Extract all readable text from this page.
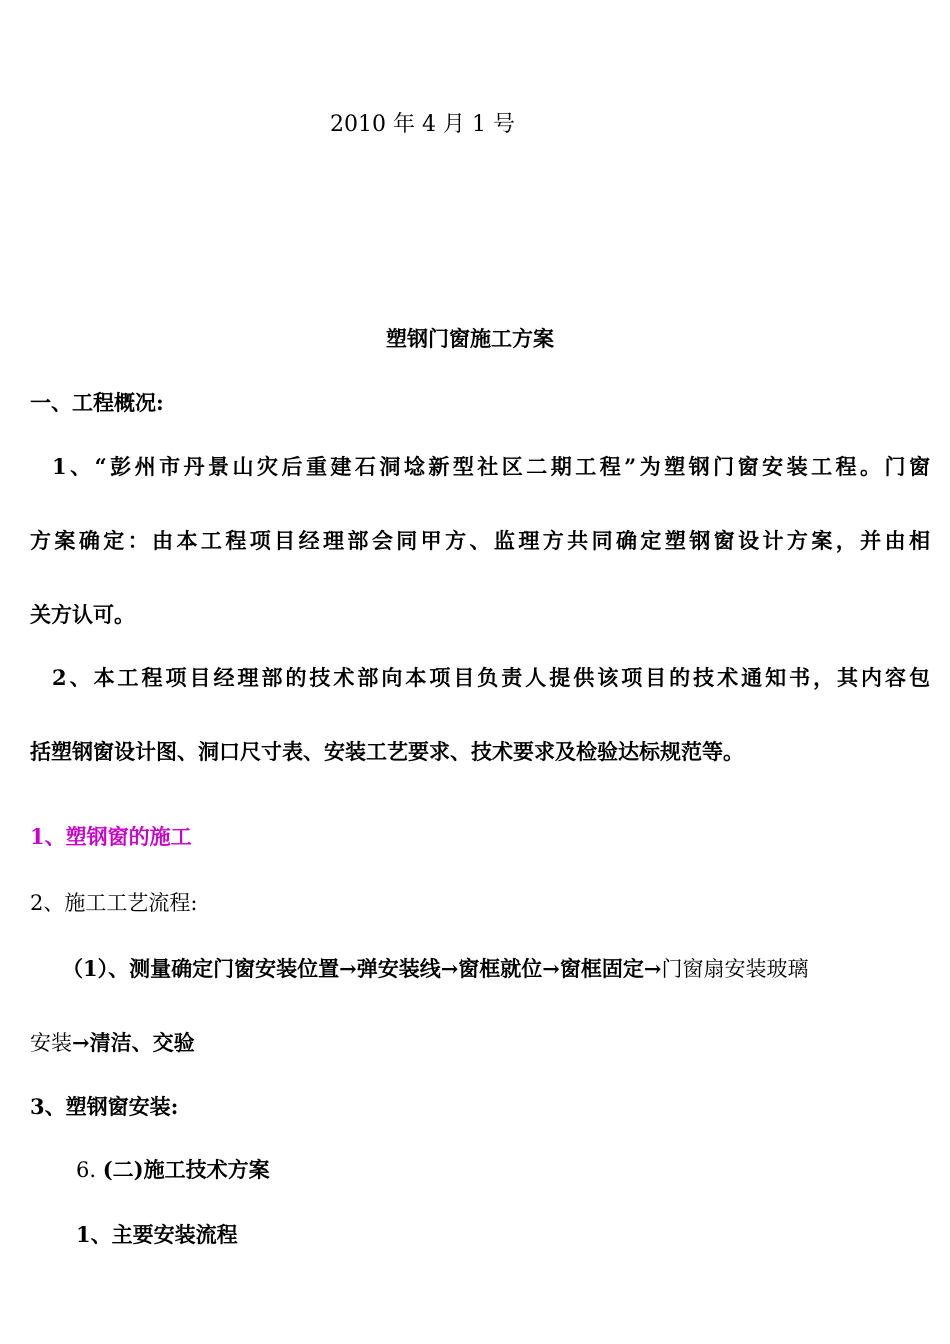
2010 年 4 月 1 号
塑钢门窗施工方案
一、工程概况:
1、“彭州市丹景山灾后重建石洞埝新型社区二期工程”为塑钢门窗安装工程。门窗
方案确定：由本工程项目经理部会同甲方、监理方共同确定塑钢窗设计方案，并由相
关方认可。
2、本工程项目经理部的技术部向本项目负责人提供该项目的技术通知书，其内容包
括塑钢窗设计图、洞口尺寸表、安装工艺要求、技术要求及检验达标规范等。
1、塑钢窗的施工
2、施工工艺流程:
（1）、测量确定门窗安装位置→弹安装线→窗框就位→窗框固定→门窗扇安装玻璃
安装→清洁、交验
3、塑钢窗安装:
6. (二)施工技术方案
1、主要安装流程
